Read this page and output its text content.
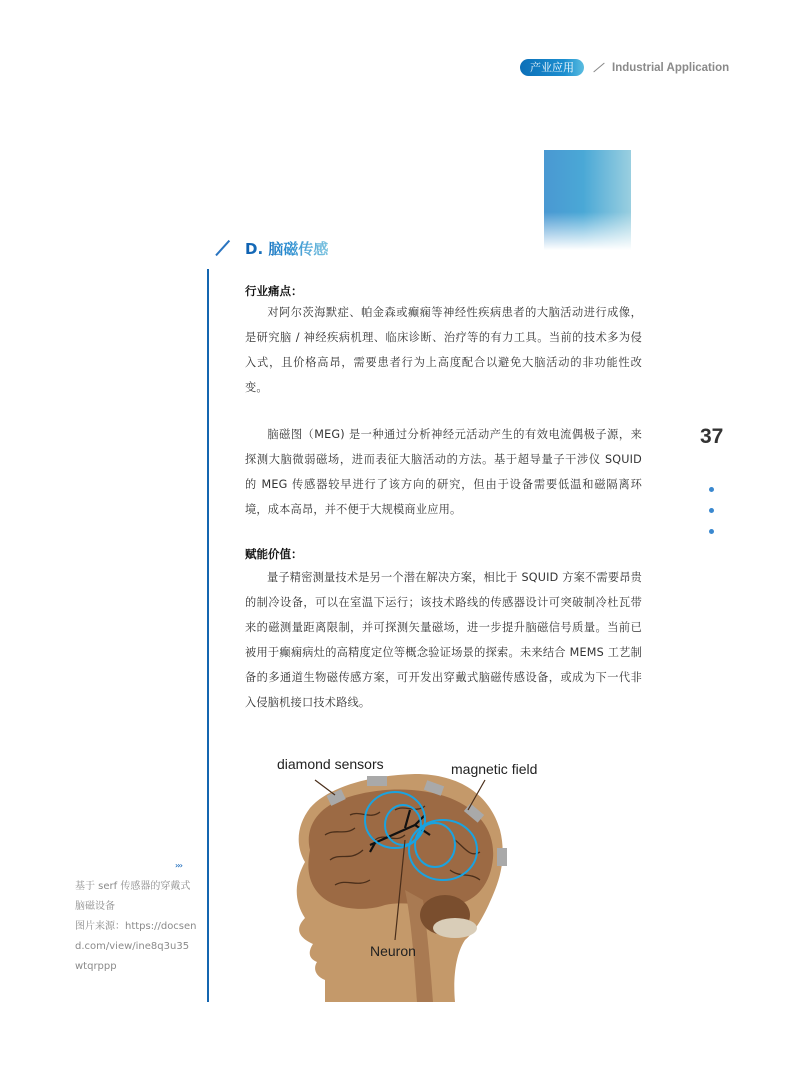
产业应用	Industrial Application
D. 脑磁传感
行业痛点：
对阿尔茨海默症、帕金森或癫痫等神经性疾病患者的大脑活动进行成像，是研究脑 / 神经疾病机理、临床诊断、治疗等的有力工具。当前的技术多为侵入式，且价格高昂，需要患者行为上高度配合以避免大脑活动的非功能性改变。
脑磁图（MEG) 是一种通过分析神经元活动产生的有效电流偶极子源，来探测大脑微弱磁场，进而表征大脑活动的方法。基于超导量子干涉仪 SQUID 的 MEG 传感器较早进行了该方向的研究，但由于设备需要低温和磁隔离环境，成本高昂，并不便于大规模商业应用。
赋能价值：
量子精密测量技术是另一个潜在解决方案，相比于 SQUID 方案不需要昂贵的制冷设备，可以在室温下运行；该技术路线的传感器设计可突破制冷杜瓦带来的磁测量距离限制，并可探测矢量磁场，进一步提升脑磁信号质量。当前已被用于癫痫病灶的高精度定位等概念验证场景的探索。未来结合 MEMS 工艺制备的多通道生物磁传感方案，可开发出穿戴式脑磁传感设备，或成为下一代非入侵脑机接口技术路线。
37
›››
基于 serf 传感器的穿戴式脑磁设备
图片来源：https://docsend.com/view/ine8q3u35wtqrppp
diamond sensors	magnetic field
Neuron
